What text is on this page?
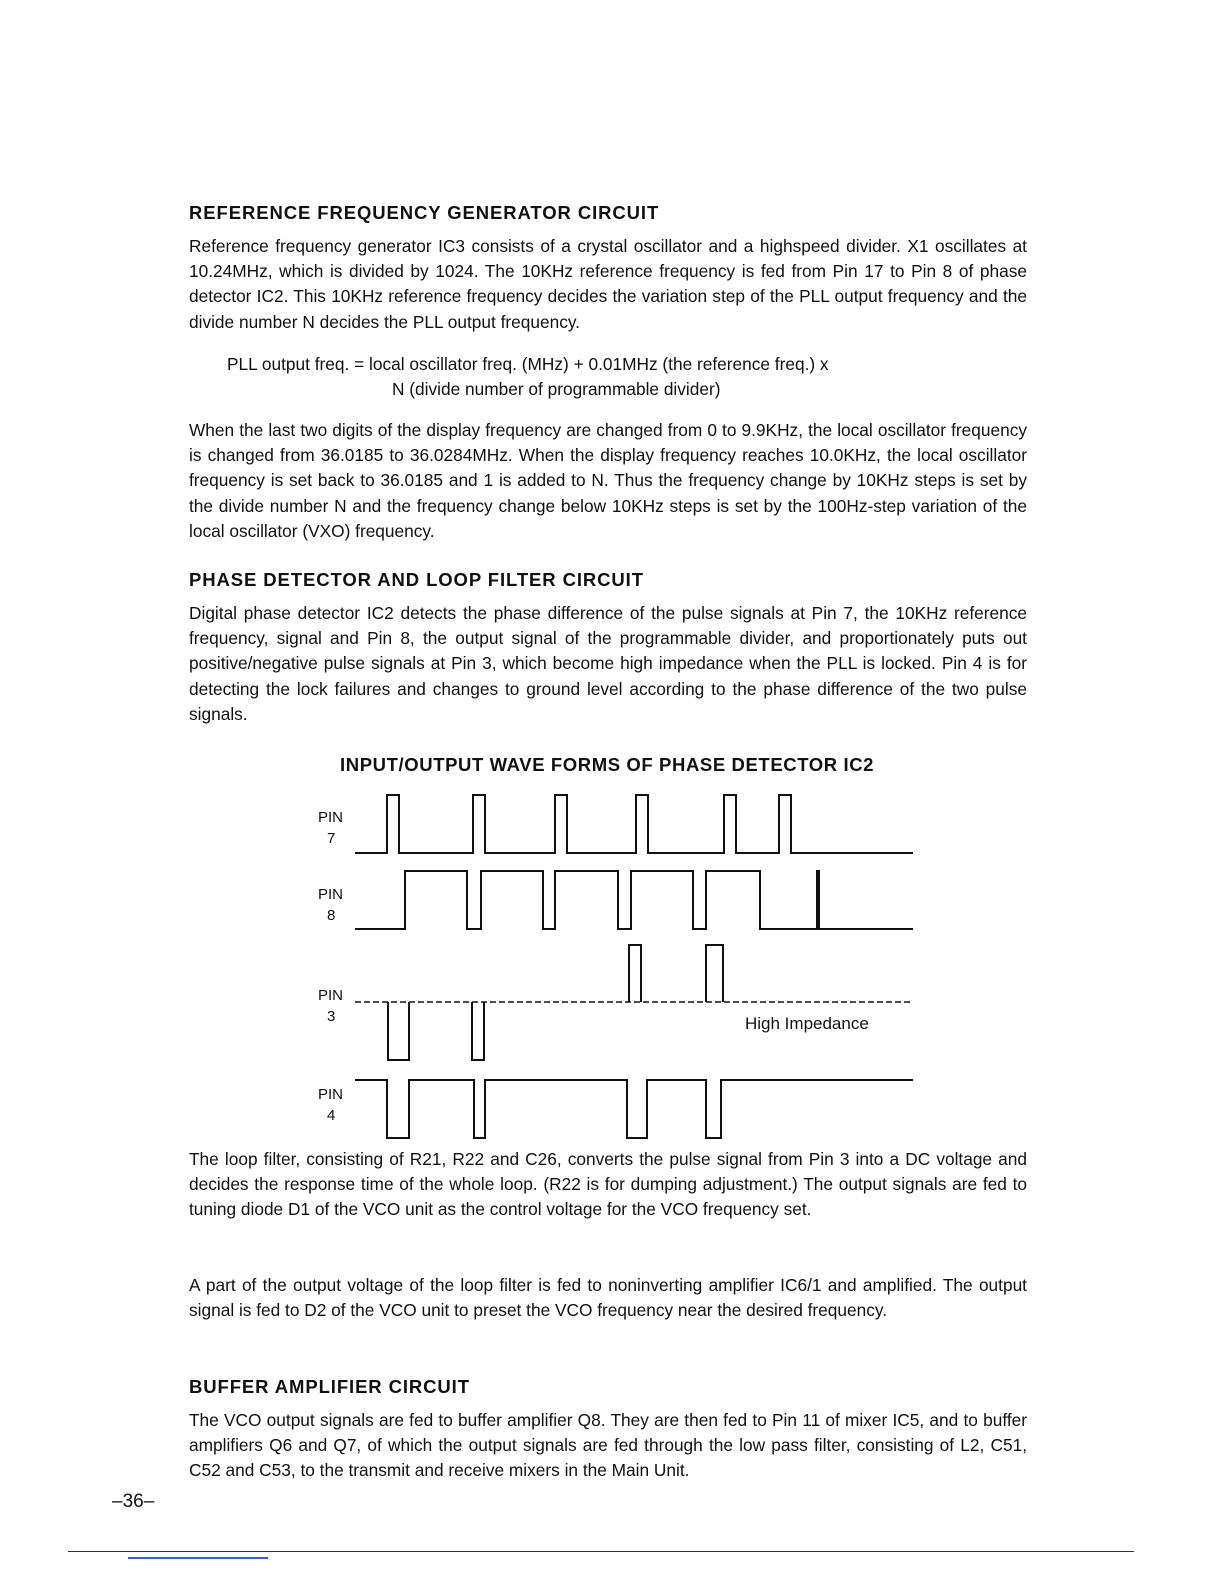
REFERENCE FREQUENCY GENERATOR CIRCUIT

Reference frequency generator IC3 consists of a crystal oscillator and a highspeed divider. X1 oscillates at 10.24MHz, which is divided by 1024. The 10KHz reference frequency is fed from Pin 17 to Pin 8 of phase detector IC2. This 10KHz reference frequency decides the variation step of the PLL output frequency and the divide number N decides the PLL output frequency.

PLL output freq. = local oscillator freq. (MHz) + 0.01MHz (the reference freq.) x
N (divide number of programmable divider)

When the last two digits of the display frequency are changed from 0 to 9.9KHz, the local oscillator frequency is changed from 36.0185 to 36.0284MHz. When the display frequency reaches 10.0KHz, the local oscillator frequency is set back to 36.0185 and 1 is added to N. Thus the frequency change by 10KHz steps is set by the divide number N and the frequency change below 10KHz steps is set by the 100Hz-step variation of the local oscillator (VXO) frequency.

PHASE DETECTOR AND LOOP FILTER CIRCUIT

Digital phase detector IC2 detects the phase difference of the pulse signals at Pin 7, the 10KHz reference frequency, signal and Pin 8, the output signal of the programmable divider, and proportionately puts out positive/negative pulse signals at Pin 3, which become high impedance when the PLL is locked. Pin 4 is for detecting the lock failures and changes to ground level according to the phase difference of the two pulse signals.

INPUT/OUTPUT WAVE FORMS OF PHASE DETECTOR IC2
PIN
7
PIN
8
PIN
3
PIN
4
High Impedance

The loop filter, consisting of R21, R22 and C26, converts the pulse signal from Pin 3 into a DC voltage and decides the response time of the whole loop. (R22 is for dumping adjustment.) The output signals are fed to tuning diode D1 of the VCO unit as the control voltage for the VCO frequency set.

A part of the output voltage of the loop filter is fed to noninverting amplifier IC6/1 and amplified. The output signal is fed to D2 of the VCO unit to preset the VCO frequency near the desired frequency.

BUFFER AMPLIFIER CIRCUIT

The VCO output signals are fed to buffer amplifier Q8. They are then fed to Pin 11 of mixer IC5, and to buffer amplifiers Q6 and Q7, of which the output signals are fed through the low pass filter, consisting of L2, C51, C52 and C53, to the transmit and receive mixers in the Main Unit.

–36–
